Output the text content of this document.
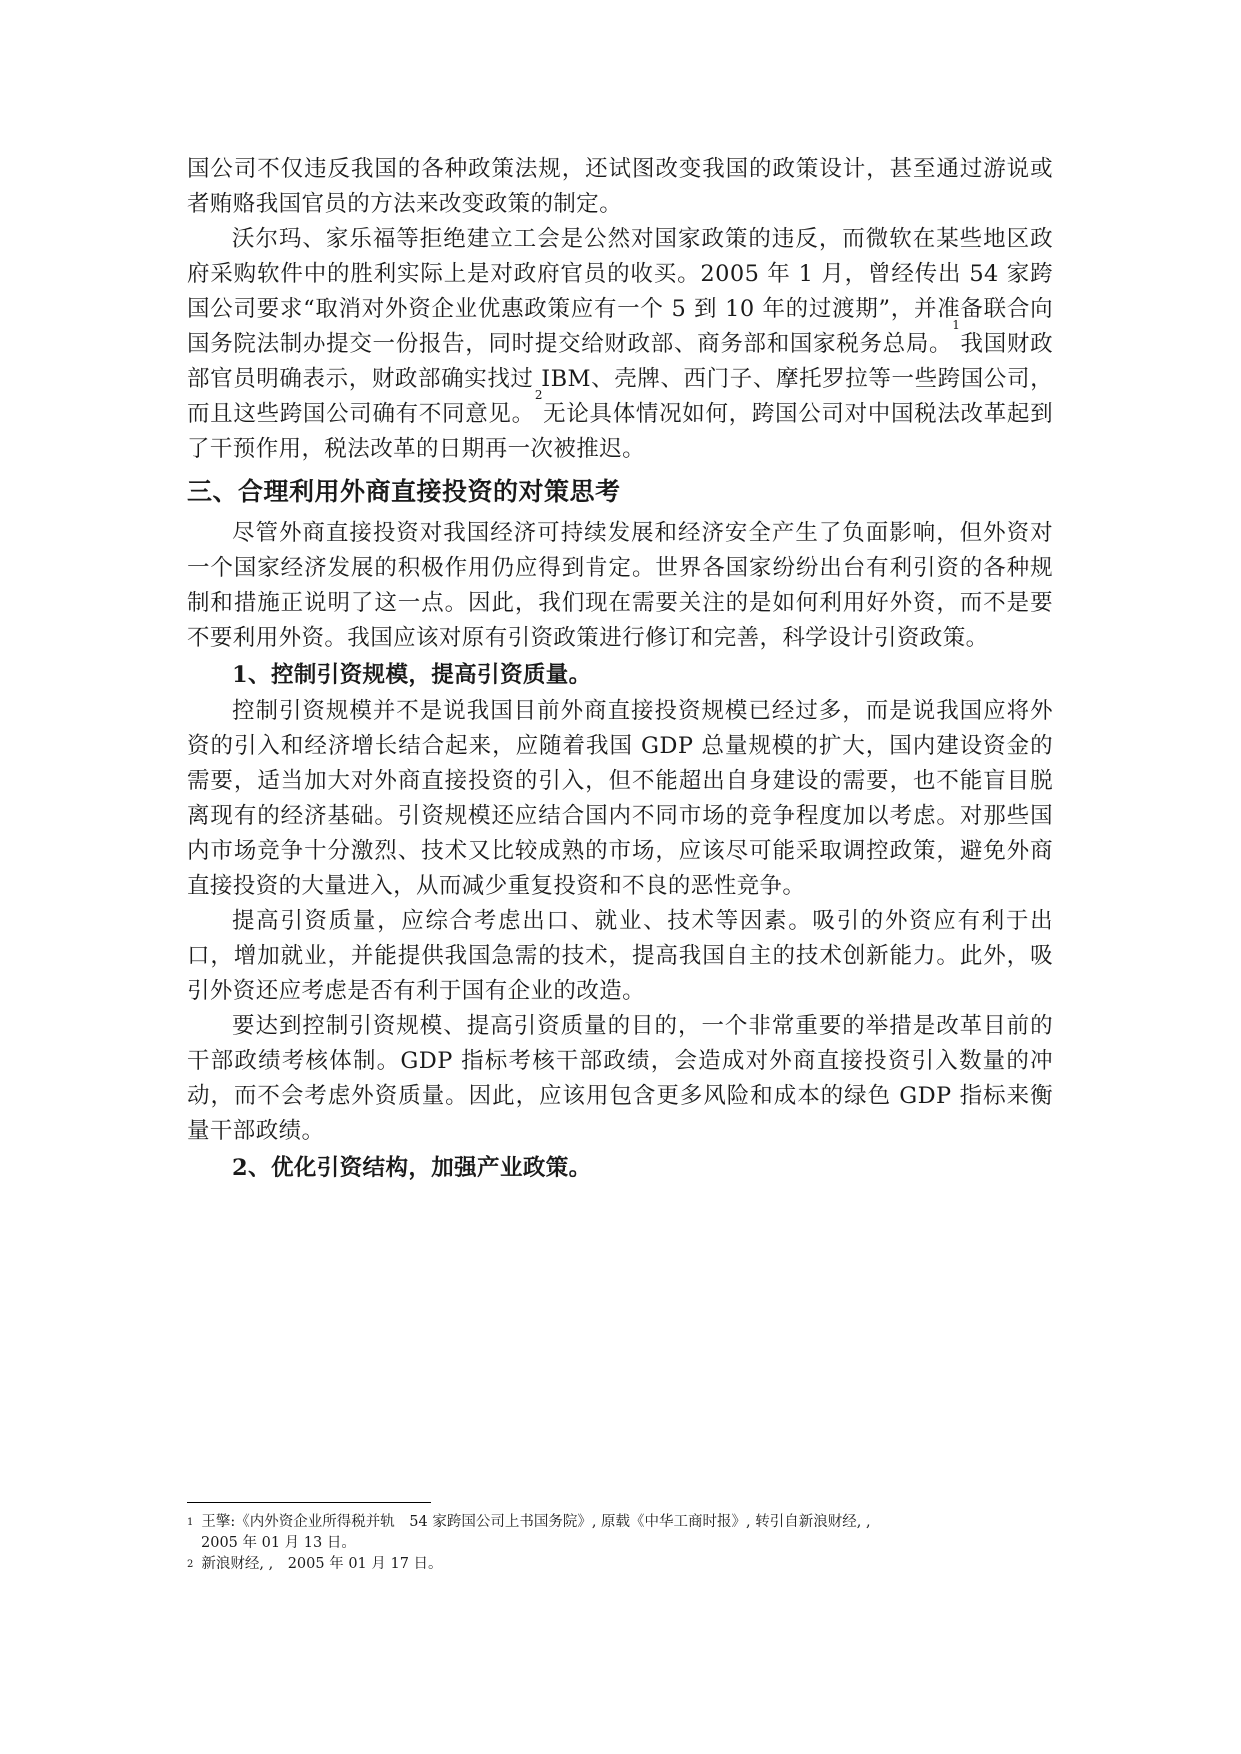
国公司不仅违反我国的各种政策法规，还试图改变我国的政策设计，甚至通过游说或者贿赂我国官员的方法来改变政策的制定。

沃尔玛、家乐福等拒绝建立工会是公然对国家政策的违反，而微软在某些地区政府采购软件中的胜利实际上是对政府官员的收买。2005 年 1 月，曾经传出 54 家跨国公司要求“取消对外资企业优惠政策应有一个 5 到 10 年的过渡期”，并准备联合向国务院法制办提交一份报告，同时提交给财政部、商务部和国家税务总局。$^1$我国财政部官员明确表示，财政部确实找过 IBM、壳牌、西门子、摩托罗拉等一些跨国公司，而且这些跨国公司确有不同意见。$^2$无论具体情况如何，跨国公司对中国税法改革起到了干预作用，税法改革的日期再一次被推迟。

三、合理利用外商直接投资的对策思考

尽管外商直接投资对我国经济可持续发展和经济安全产生了负面影响，但外资对一个国家经济发展的积极作用仍应得到肯定。世界各国家纷纷出台有利引资的各种规制和措施正说明了这一点。因此，我们现在需要关注的是如何利用好外资，而不是要不要利用外资。我国应该对原有引资政策进行修订和完善，科学设计引资政策。

1、控制引资规模，提高引资质量。

控制引资规模并不是说我国目前外商直接投资规模已经过多，而是说我国应将外资的引入和经济增长结合起来，应随着我国 GDP 总量规模的扩大，国内建设资金的需要，适当加大对外商直接投资的引入，但不能超出自身建设的需要，也不能盲目脱离现有的经济基础。引资规模还应结合国内不同市场的竞争程度加以考虑。对那些国内市场竞争十分激烈、技术又比较成熟的市场，应该尽可能采取调控政策，避免外商直接投资的大量进入，从而减少重复投资和不良的恶性竞争。

提高引资质量，应综合考虑出口、就业、技术等因素。吸引的外资应有利于出口，增加就业，并能提供我国急需的技术，提高我国自主的技术创新能力。此外，吸引外资还应考虑是否有利于国有企业的改造。

要达到控制引资规模、提高引资质量的目的，一个非常重要的举措是改革目前的干部政绩考核体制。GDP 指标考核干部政绩，会造成对外商直接投资引入数量的冲动，而不会考虑外资质量。因此，应该用包含更多风险和成本的绿色 GDP 指标来衡量干部政绩。

2、优化引资结构，加强产业政策。

$^1$ 王擎:《内外资企业所得税并轨　54 家跨国公司上书国务院》, 原载《中华工商时报》, 转引自新浪财经, ,
2005 年 01 月 13 日。

$^2$ 新浪财经, ,　2005 年 01 月 17 日。
